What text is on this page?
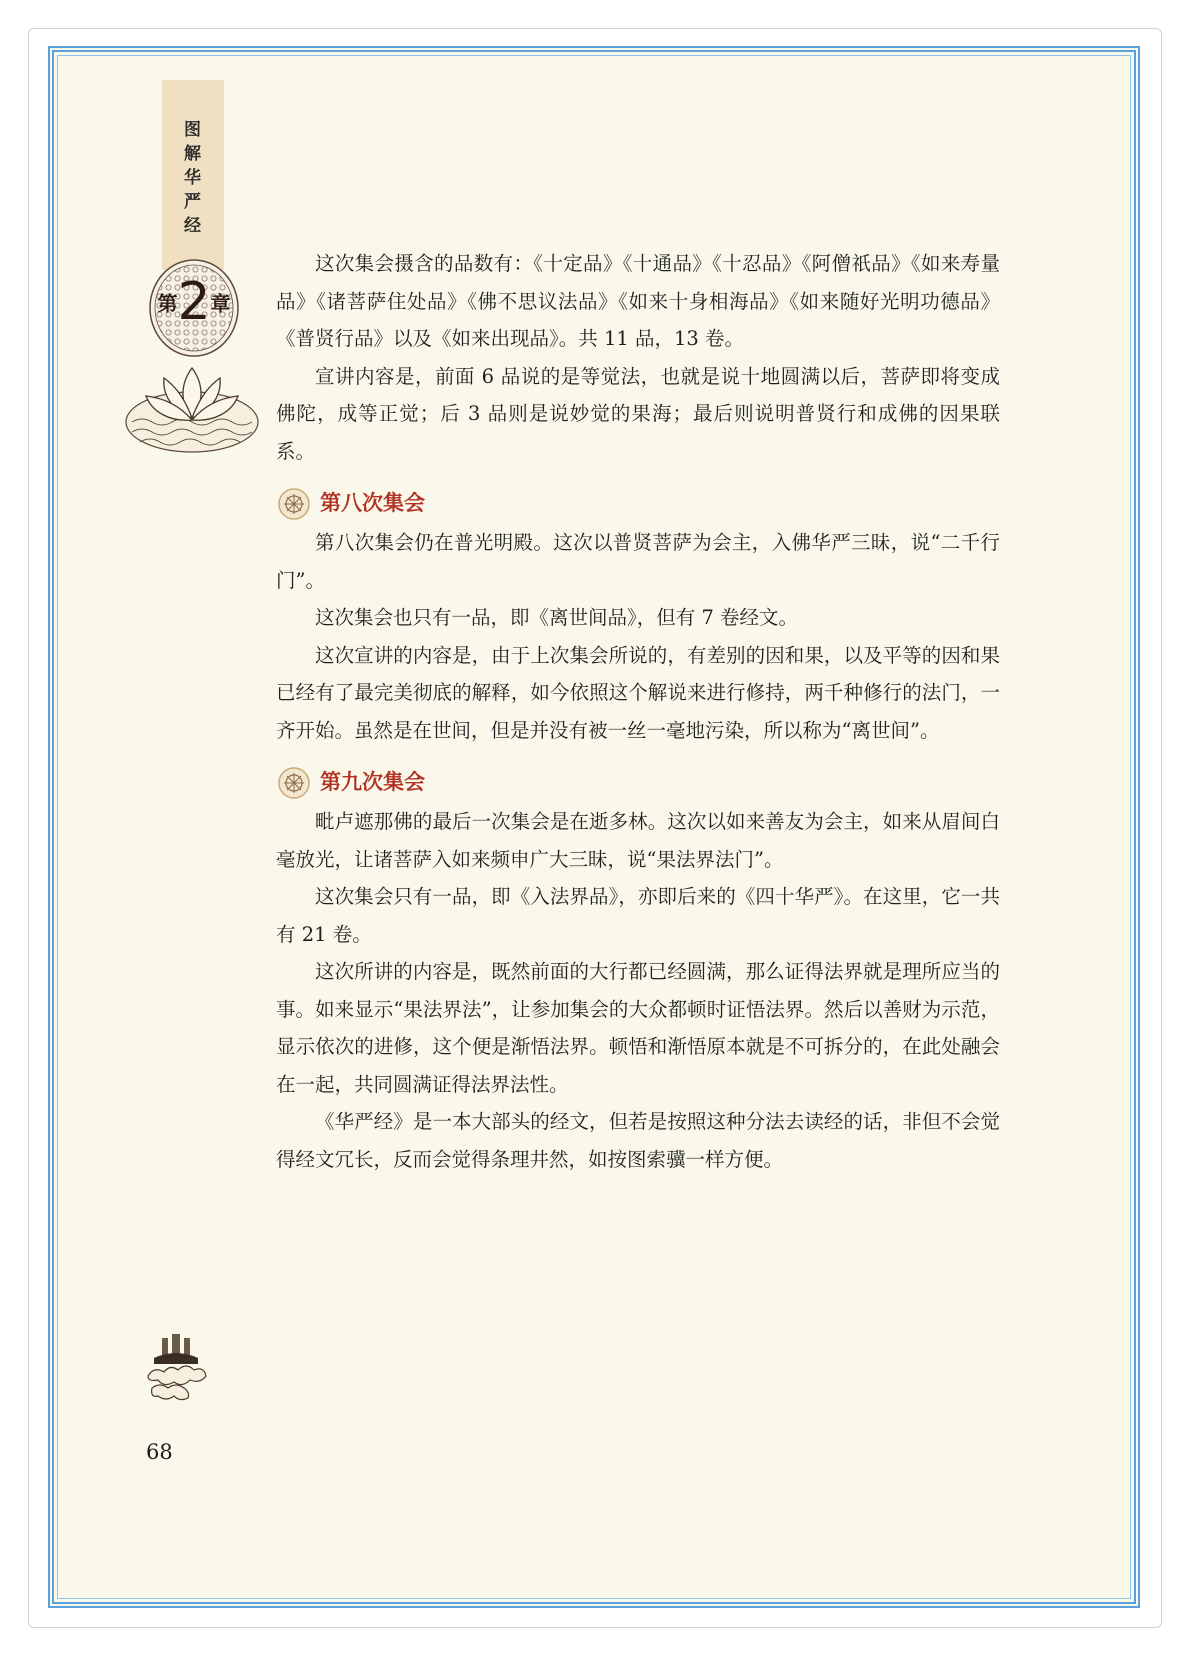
图
解
华
严
经
第2章

这次集会摄含的品数有：《十定品》《十通品》《十忍品》《阿僧祇品》《如来寿量品》《诸菩萨住处品》《佛不思议法品》《如来十身相海品》《如来随好光明功德品》《普贤行品》以及《如来出现品》。共 11 品，13 卷。

宣讲内容是，前面 6 品说的是等觉法，也就是说十地圆满以后，菩萨即将变成佛陀，成等正觉；后 3 品则是说妙觉的果海；最后则说明普贤行和成佛的因果联系。

第八次集会

第八次集会仍在普光明殿。这次以普贤菩萨为会主，入佛华严三昧，说“二千行门”。

这次集会也只有一品，即《离世间品》，但有 7 卷经文。

这次宣讲的内容是，由于上次集会所说的，有差别的因和果，以及平等的因和果已经有了最完美彻底的解释，如今依照这个解说来进行修持，两千种修行的法门，一齐开始。虽然是在世间，但是并没有被一丝一毫地污染，所以称为“离世间”。

第九次集会

毗卢遮那佛的最后一次集会是在逝多林。这次以如来善友为会主，如来从眉间白毫放光，让诸菩萨入如来频申广大三昧，说“果法界法门”。

这次集会只有一品，即《入法界品》，亦即后来的《四十华严》。在这里，它一共有 21 卷。

这次所讲的内容是，既然前面的大行都已经圆满，那么证得法界就是理所应当的事。如来显示“果法界法”，让参加集会的大众都顿时证悟法界。然后以善财为示范，显示依次的进修，这个便是渐悟法界。顿悟和渐悟原本就是不可拆分的，在此处融会在一起，共同圆满证得法界法性。

《华严经》是一本大部头的经文，但若是按照这种分法去读经的话，非但不会觉得经文冗长，反而会觉得条理井然，如按图索骥一样方便。

68
